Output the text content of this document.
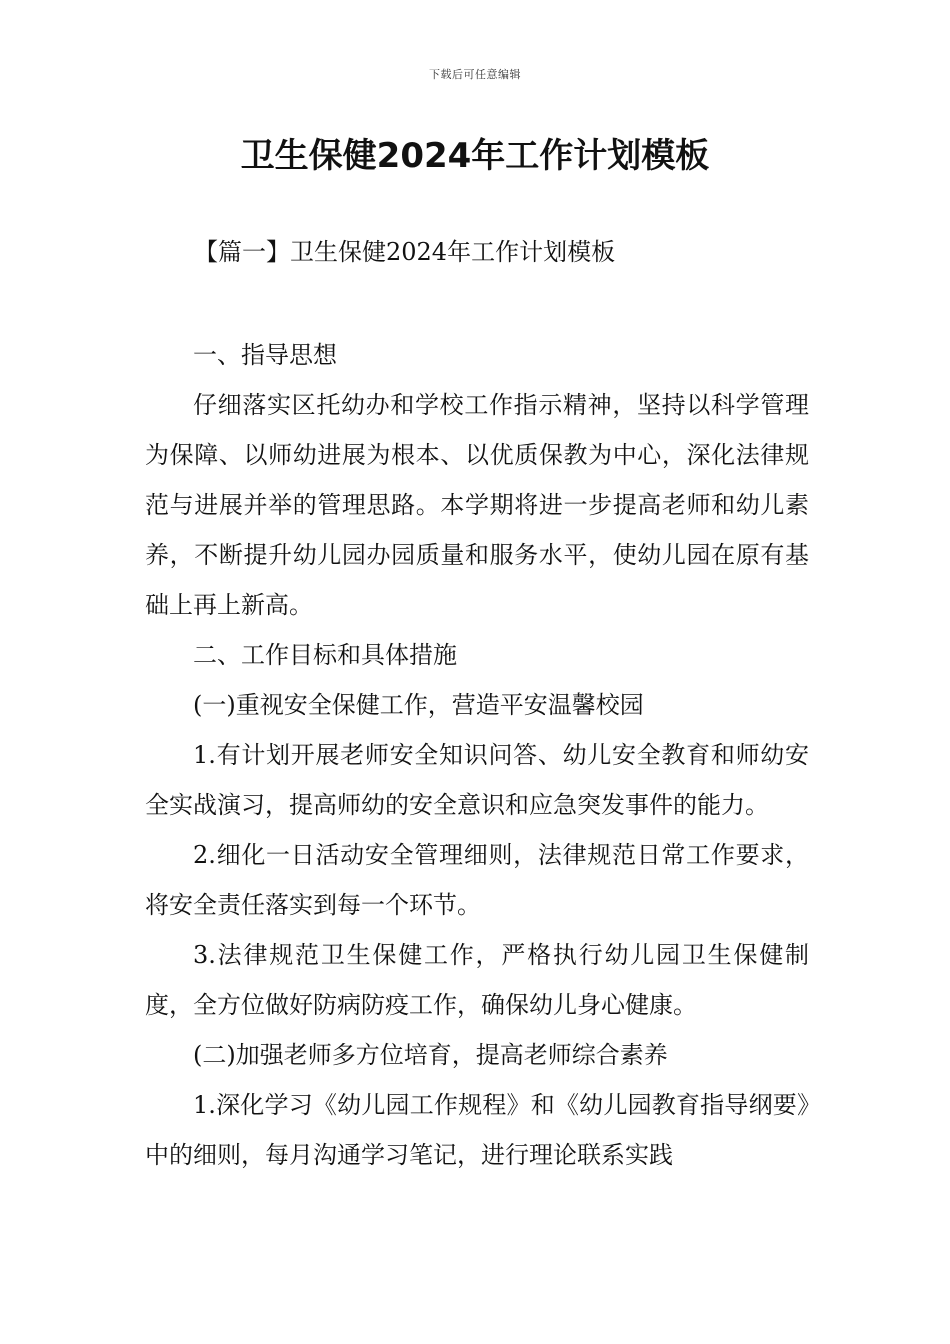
下载后可任意编辑
卫生保健2024年工作计划模板
【篇一】卫生保健2024年工作计划模板

一、指导思想

仔细落实区托幼办和学校工作指示精神，坚持以科学管理为保障、以师幼进展为根本、以优质保教为中心，深化法律规范与进展并举的管理思路。本学期将进一步提高老师和幼儿素养，不断提升幼儿园办园质量和服务水平，使幼儿园在原有基础上再上新高。

二、工作目标和具体措施

(一)重视安全保健工作，营造平安温馨校园

1.有计划开展老师安全知识问答、幼儿安全教育和师幼安全实战演习，提高师幼的安全意识和应急突发事件的能力。

2.细化一日活动安全管理细则，法律规范日常工作要求，将安全责任落实到每一个环节。

3.法律规范卫生保健工作，严格执行幼儿园卫生保健制度，全方位做好防病防疫工作，确保幼儿身心健康。

(二)加强老师多方位培育，提高老师综合素养

1.深化学习《幼儿园工作规程》和《幼儿园教育指导纲要》中的细则，每月沟通学习笔记，进行理论联系实践
